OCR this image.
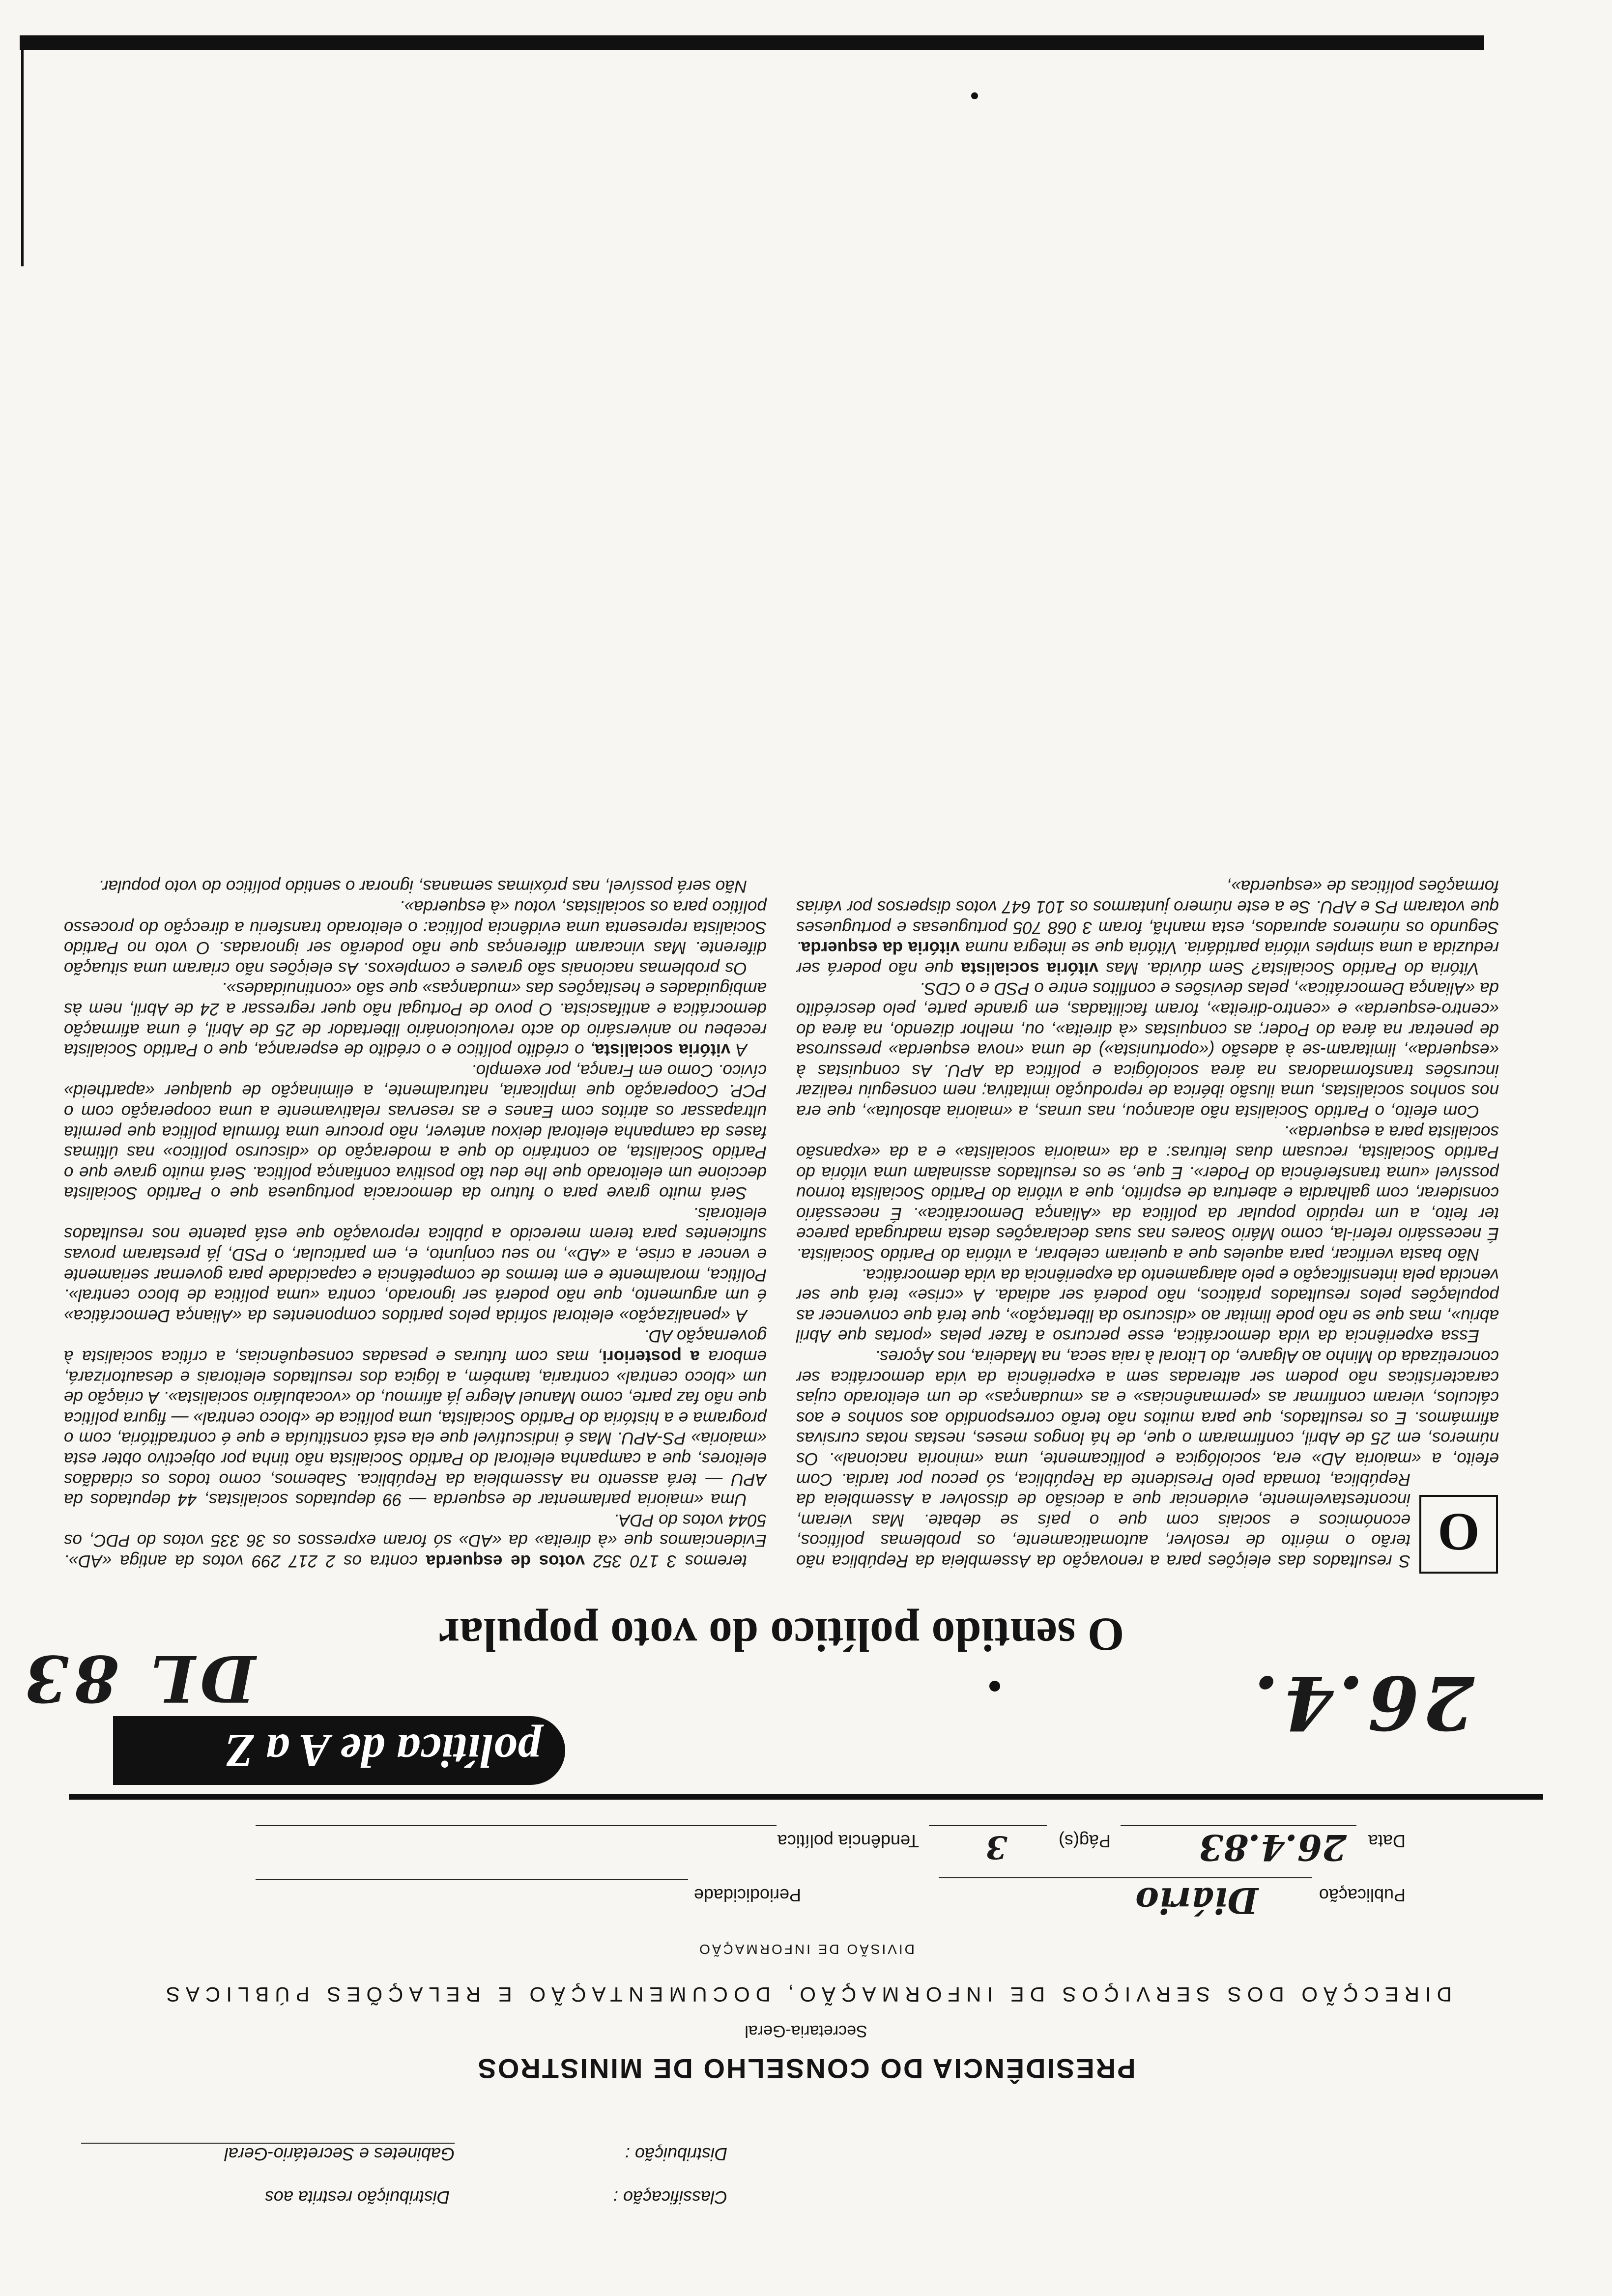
Distribuição restrita aos
Gabinetes e Secretário-Geral
Classificação :
Distribuição :
PRESIDÊNCIA DO CONSELHO DE MINISTROS
Secretaria-Geral
DIRECÇÃO DOS SERVIÇOS DE INFORMAÇÃO, DOCUMENTAÇÃO E RELAÇÕES PÚBLICAS
DIVISÃO DE INFORMAÇÃO
Publicação
Diário
Periodicidade
Data
26.4.83
Pág(s)
3
Tendência política
política de A a Z
26.4.
DL 83
O sentido político do voto popular
O

S resultados das eleições para a renovação da Assembleia da República não terão o mérito de resolver, automaticamente, os problemas políticos, económicos e sociais com que o país se debate. Mas vieram, incontestavelmente, evidenciar que a decisão de dissolver a Assembleia da República, tomada pelo Presidente da República, só pecou por tardia. Com efeito, a «maioria AD» era, sociológica e politicamente, uma «minoria nacional». Os números, em 25 de Abril, confirmaram o que, de há longos meses, nestas notas cursivas afirmámos. E os resultados, que para muitos não terão correspondido aos sonhos e aos cálculos, vieram confirmar as «permanências» e as «mudanças» de um eleitorado cujas características não podem ser alteradas sem a experiência da vida democrática ser concretizada do Minho ao Algarve, do Litoral à raia seca, na Madeira, nos Açores.

Essa experiência da vida democrática, esse percurso a fazer pelas «portas que Abril abriu», mas que se não pode limitar ao «discurso da libertação», que terá que convencer as populações pelos resultados práticos, não poderá ser adiada. A «crise» terá que ser vencida pela intensificação e pelo alargamento da experiência da vida democrática.

Não basta verificar, para aqueles que a queiram celebrar, a vitória do Partido Socialista. É necessário referi-la, como Mário Soares nas suas declarações desta madrugada parece ter feito, a um repúdio popular da política da «Aliança Democrática». É necessário considerar, com galhardia e abertura de espírito, que a vitória do Partido Socialista tornou possível «uma transferência do Poder». E que, se os resultados assinalam uma vitória do Partido Socialista, recusam duas leituras: a da «maioria socialista» e a da «expansão socialista para a esquerda».

Com efeito, o Partido Socialista não alcançou, nas urnas, a «maioria absoluta», que era nos sonhos socialistas, uma ilusão ibérica de reprodução imitativa; nem conseguiu realizar incursões transformadoras na área sociológica e política da APU. As conquistas à «esquerda», limitaram-se à adesão («oportunista») de uma «nova esquerda» pressurosa de penetrar na área do Poder; as conquistas «à direita», ou, melhor dizendo, na área do «centro-esquerda» e «centro-direita», foram facilitadas, em grande parte, pelo descrédito da «Aliança Democrática», pelas devisões e conflitos entre o PSD e o CDS.

Vitória do Partido Socialista? Sem dúvida. Mas vitória socialista que não poderá ser reduzida a uma simples vitória partidária. Vitória que se integra numa vitória da esquerda. Segundo os números apurados, esta manhã, foram 3 068 705 portuguesas e portugueses que votaram PS e APU. Se a este número juntarmos os 101 647 votos dispersos por várias formações políticas de «esquerda»,

teremos 3 170 352 votos de esquerda contra os 2 217 299 votos da antiga «AD». Evidenciamos que «à direita» da «AD» só foram expressos os 36 335 votos do PDC, os 5044 votos do PDA.

Uma «maioria parlamentar de esquerda — 99 deputados socialistas, 44 deputados da APU — terá assento na Assembleia da República. Sabemos, como todos os cidadãos eleitores, que a campanha eleitoral do Partido Socialista não tinha por objectivo obter esta «maioria» PS-APU. Mas é indiscutível que ela está constituída e que é contraditória, com o programa e a história do Partido Socialista, uma política de «bloco central» — figura política que não faz parte, como Manuel Alegre já afirmou, do «vocabulário socialista». A criação de um «bloco central» contraria, também, a lógica dos resultados eleitorais e desautorizará, embora a posteriori, mas com futuras e pesadas consequências, a crítica socialista à governação AD.

A «penalização» eleitoral sofrida pelos partidos componentes da «Aliança Democrática» é um argumento, que não poderá ser ignorado, contra «uma política de bloco central». Política, moralmente e em termos de competência e capacidade para governar seriamente e vencer a crise, a «AD», no seu conjunto, e, em particular, o PSD, já prestaram provas suficientes para terem merecido a pública reprovação que está patente nos resultados eleitorais.

Será muito grave para o futuro da democracia portuguesa que o Partido Socialista deccione um eleitorado que lhe deu tão positiva confiança política. Será muito grave que o Partido Socialista, ao contrário do que a moderação do «discurso político» nas últimas fases da campanha eleitoral deixou antever, não procure uma fórmula política que permita ultrapassar os atritos com Eanes e as reservas relativamente a uma cooperação com o PCP. Cooperação que implicaria, naturalmente, a eliminação de qualquer «apartheid» cívico. Como em França, por exemplo.

A vitória socialista, o crédito político e o crédito de esperança, que o Partido Socialista recebeu no aniversário do acto revolucionário libertador de 25 de Abril, é uma afirmação democrática e antifascista. O povo de Portugal não quer regressar a 24 de Abril, nem às ambiguidades e hesitações das «mudanças» que são «continuidades».

Os problemas nacionais são graves e complexos. As eleições não criaram uma situação diferente. Mas vincaram diferenças que não poderão ser ignoradas. O voto no Partido Socialista representa uma evidência política: o eleitorado transferiu a direcção do processo político para os socialistas, votou «à esquerda».

Não será possível, nas próximas semanas, ignorar o sentido político do voto popular.
